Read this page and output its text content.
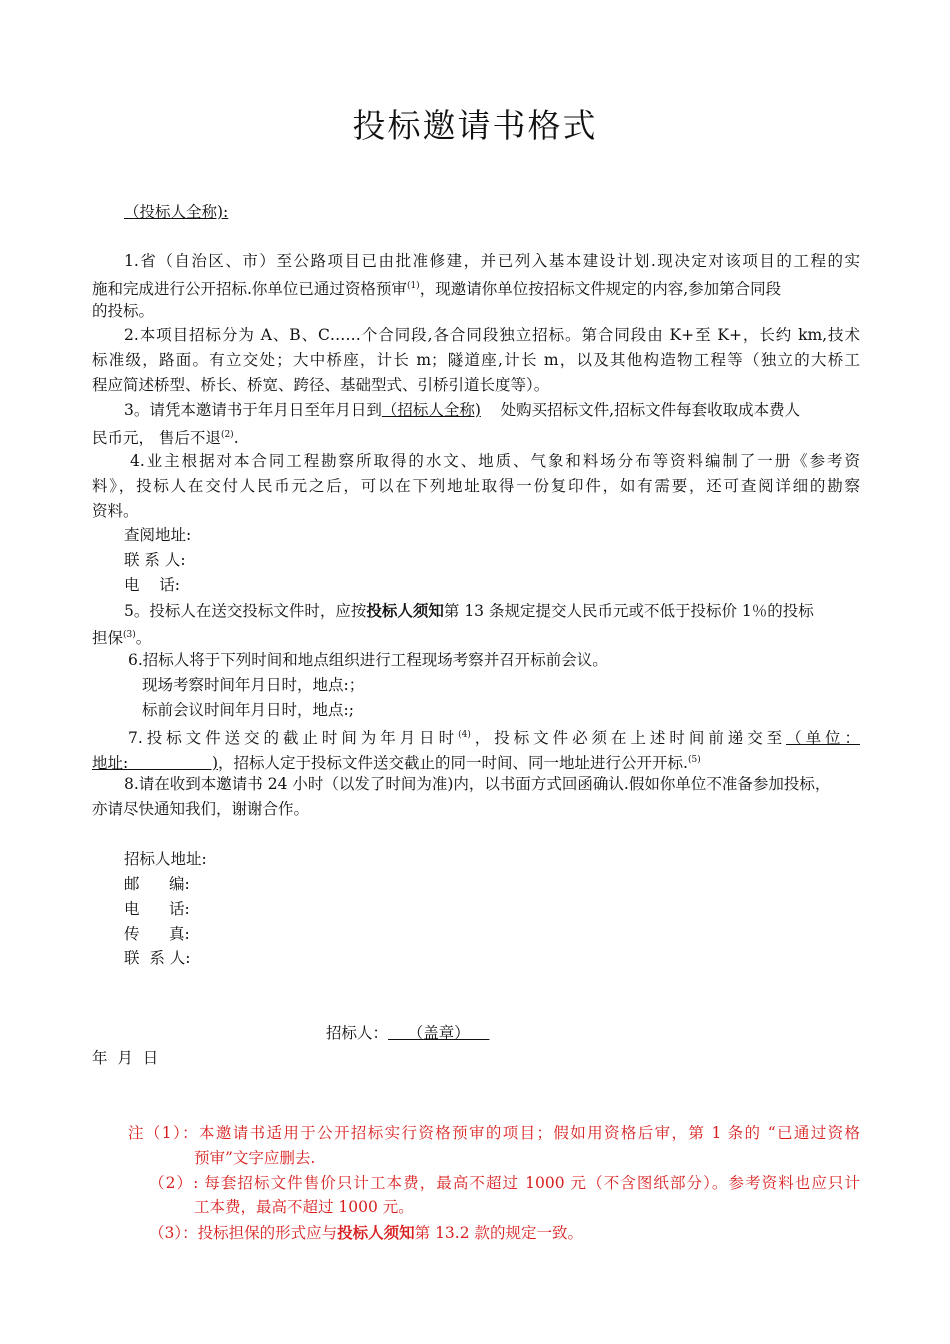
投标邀请书格式
（投标人全称):
1.省（自治区、市）至公路项目已由批准修建，并已列入基本建设计划.现决定对该项目的工程的实
施和完成进行公开招标.你单位已通过资格预审$^{(1)}$，现邀请你单位按招标文件规定的内容,参加第合同段
的投标。
2.本项目招标分为 A、B、C……个合同段,各合同段独立招标。第合同段由 K+至 K+，长约 km,技术
标准级，路面。有立交处；大中桥座，计长 m；隧道座,计长 m，以及其他构造物工程等（独立的大桥工
程应简述桥型、桥长、桥宽、跨径、基础型式、引桥引道长度等）。
3。请凭本邀请书于年月日至年月日到（招标人全称) 处购买招标文件,招标文件每套收取成本费人
民币元， 售后不退$^{(2)}$.
4.业主根据对本合同工程勘察所取得的水文、地质、气象和料场分布等资料编制了一册《参考资
料》，投标人在交付人民币元之后，可以在下列地址取得一份复印件，如有需要，还可查阅详细的勘察
资料。
查阅地址:
联 系 人:
电    话:
5。投标人在送交投标文件时，应按投标人须知第 13 条规定提交人民币元或不低于投标价 1％的投标
担保$^{(3)}$。
6.招标人将于下列时间和地点组织进行工程现场考察并召开标前会议。
现场考察时间年月日时，地点:；
标前会议时间年月日时，地点:;
7.投标文件送交的截止时间为年月日时$^{(4)}$，投标文件必须在上述时间前递交至（单位：
地址:                 )，招标人定于投标文件送交截止的同一时间、同一地址进行公开开标.$^{(5)}$
8.请在收到本邀请书 24 小时（以发了时间为准)内，以书面方式回函确认.假如你单位不准备参加投标，
亦请尽快通知我们，谢谢合作。
招标人地址:
邮      编:
电      话:
传      真:
联  系 人:
招标人：    （盖章）
年  月  日
注（1）：本邀请书适用于公开招标实行资格预审的项目；假如用资格后审，第 1 条的 “已通过资格
预审”文字应删去.
（2）: 每套招标文件售价只计工本费，最高不超过 1000 元（不含图纸部分）。参考资料也应只计
工本费，最高不超过 1000 元。
（3）：投标担保的形式应与投标人须知第 13.2 款的规定一致。
